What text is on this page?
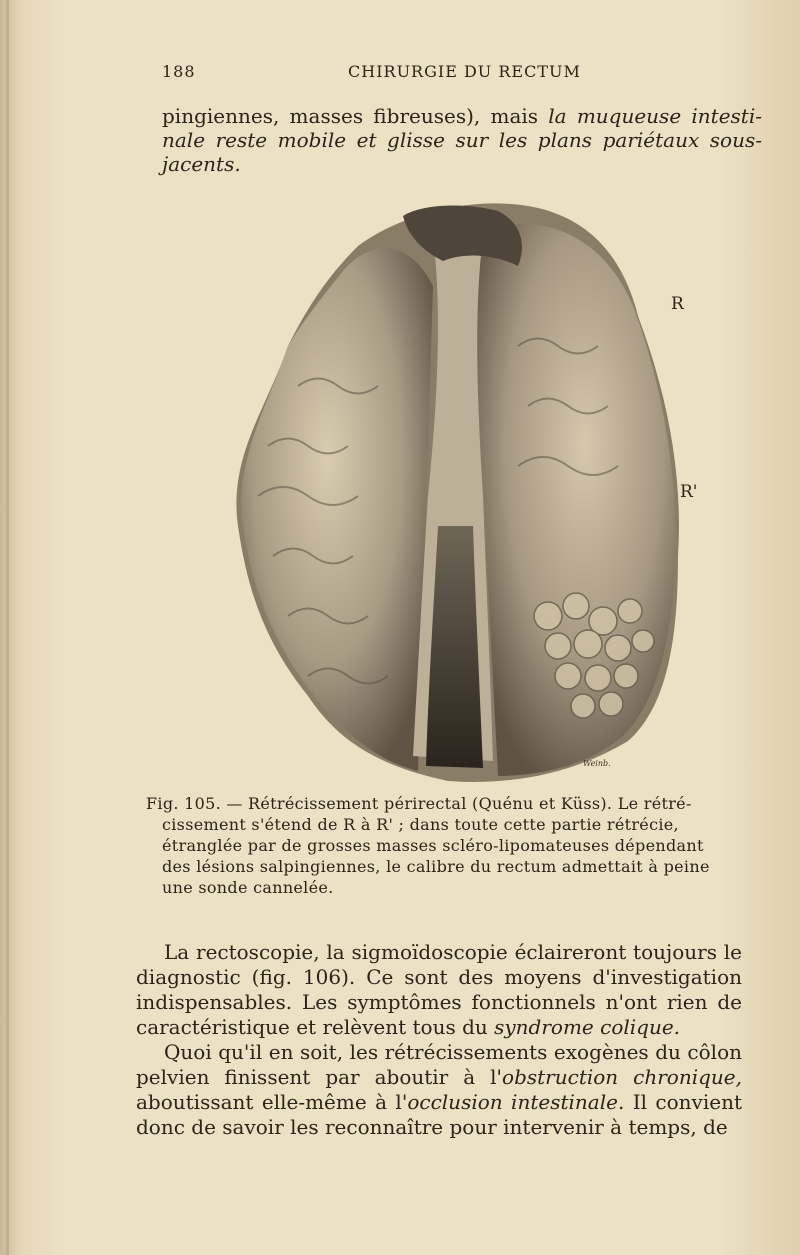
188	CHIRURGIE DU RECTUM
pingiennes, masses fibreuses), mais la muqueuse intesti-nale reste mobile et glisse sur les plans pariétaux sous-jacents.
Weinb.
R
R'
Fig. 105. — Rétrécissement périrectal (Quénu et Küss). Le rétré-
cissement s'étend de R à R' ; dans toute cette partie rétrécie,
étranglée par de grosses masses scléro-lipomateuses dépendant
des lésions salpingiennes, le calibre du rectum admettait à peine
une sonde cannelée.

La rectoscopie, la sigmoïdoscopie éclaireront toujours le diagnostic (fig. 106). Ce sont des moyens d'investigation indispensables. Les symptômes fonctionnels n'ont rien de caractéristique et relèvent tous du syndrome colique.

Quoi qu'il en soit, les rétrécissements exogènes du côlon pelvien finissent par aboutir à l'obstruction chronique, aboutissant elle-même à l'occlusion intestinale. Il convient donc de savoir les reconnaître pour intervenir à temps, de
